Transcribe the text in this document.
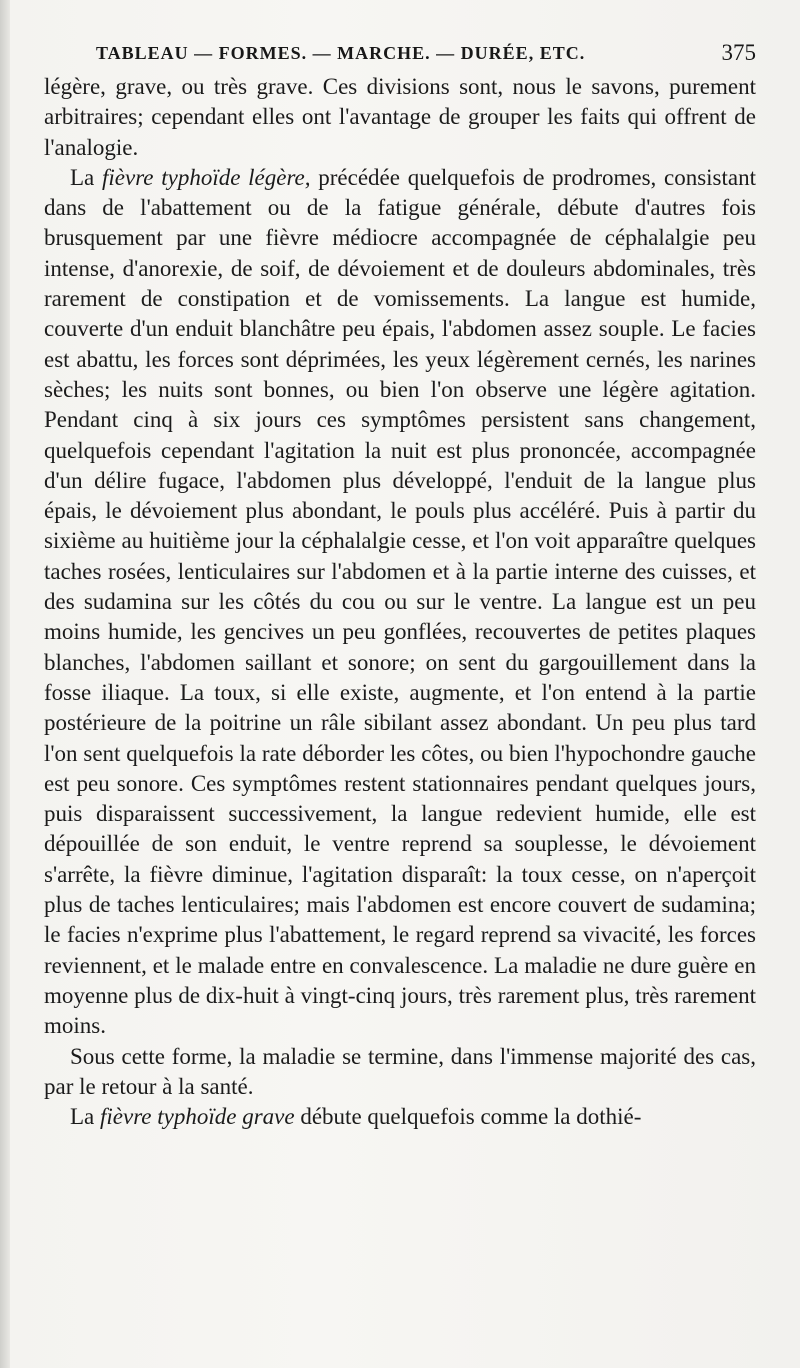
TABLEAU — FORMES. — MARCHE. — DURÉE, ETC.	375

légère, grave, ou très grave. Ces divisions sont, nous le savons, purement arbitraires; cependant elles ont l'avantage de grouper les faits qui offrent de l'analogie.

La fièvre typhoïde légère, précédée quelquefois de prodromes, consistant dans de l'abattement ou de la fatigue générale, débute d'autres fois brusquement par une fièvre médiocre accompagnée de céphalalgie peu intense, d'anorexie, de soif, de dévoiement et de douleurs abdominales, très rarement de constipation et de vomissements. La langue est humide, couverte d'un enduit blanchâtre peu épais, l'abdomen assez souple. Le facies est abattu, les forces sont déprimées, les yeux légèrement cernés, les narines sèches; les nuits sont bonnes, ou bien l'on observe une légère agitation. Pendant cinq à six jours ces symptômes persistent sans changement, quelquefois cependant l'agitation la nuit est plus prononcée, accompagnée d'un délire fugace, l'abdomen plus développé, l'enduit de la langue plus épais, le dévoiement plus abondant, le pouls plus accéléré. Puis à partir du sixième au huitième jour la céphalalgie cesse, et l'on voit apparaître quelques taches rosées, lenticulaires sur l'abdomen et à la partie interne des cuisses, et des sudamina sur les côtés du cou ou sur le ventre. La langue est un peu moins humide, les gencives un peu gonflées, recouvertes de petites plaques blanches, l'abdomen saillant et sonore; on sent du gargouillement dans la fosse iliaque. La toux, si elle existe, augmente, et l'on entend à la partie postérieure de la poitrine un râle sibilant assez abondant. Un peu plus tard l'on sent quelquefois la rate déborder les côtes, ou bien l'hypochondre gauche est peu sonore. Ces symptômes restent stationnaires pendant quelques jours, puis disparaissent successivement, la langue redevient humide, elle est dépouillée de son enduit, le ventre reprend sa souplesse, le dévoiement s'arrête, la fièvre diminue, l'agitation disparaît: la toux cesse, on n'aperçoit plus de taches lenticulaires; mais l'abdomen est encore couvert de sudamina; le facies n'exprime plus l'abattement, le regard reprend sa vivacité, les forces reviennent, et le malade entre en convalescence. La maladie ne dure guère en moyenne plus de dix-huit à vingt-cinq jours, très rarement plus, très rarement moins.

Sous cette forme, la maladie se termine, dans l'immense majorité des cas, par le retour à la santé.

La fièvre typhoïde grave débute quelquefois comme la dothié-
